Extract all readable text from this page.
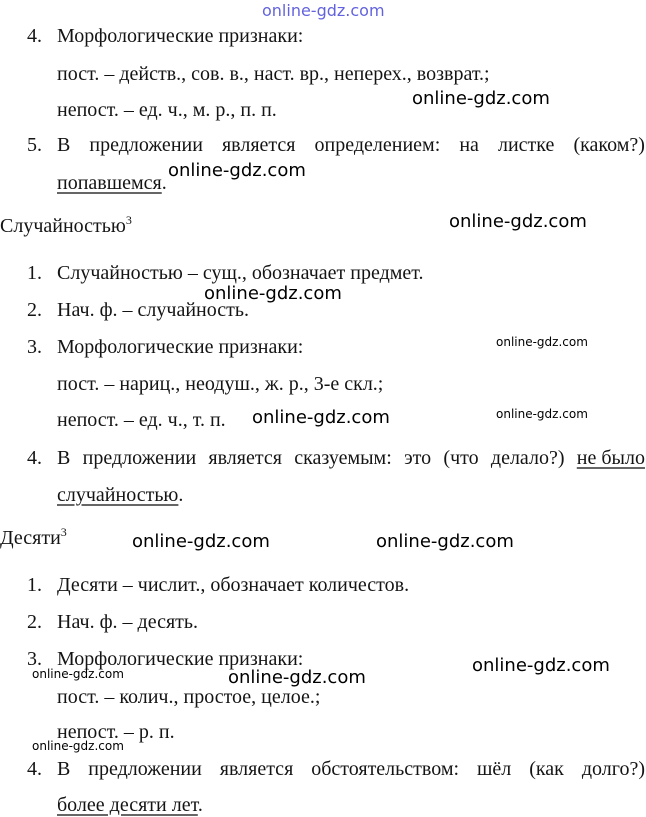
online-gdz.com
4. Морфологические признаки:
пост. – действ., сов. в., наст. вр., неперех., возврат.;
непост. – ед. ч., м. р., п. п.
5. В предложении является определением: на листке (каком?)
попавшемся.
Случайностью$^3$
1. Случайностью – сущ., обозначает предмет.
2. Нач. ф. – случайность.
3. Морфологические признаки:
пост. – нариц., неодуш., ж. р., 3-е скл.;
непост. – ед. ч., т. п.
4. В предложении является сказуемым: это (что делало?) не было
случайностью.
Десяти$^3$
1. Десяти – числит., обозначает количестов.
2. Нач. ф. – десять.
3. Морфологические признаки:
пост. – колич., простое, целое.;
непост. – р. п.
4. В предложении является обстоятельством: шёл (как долго?)
более десяти лет.
online-gdz.com
online-gdz.com
online-gdz.com
online-gdz.com
online-gdz.com
online-gdz.com
online-gdz.com
online-gdz.com	online-gdz.com
online-gdz.com
online-gdz.com	online-gdz.com
online-gdz.com
